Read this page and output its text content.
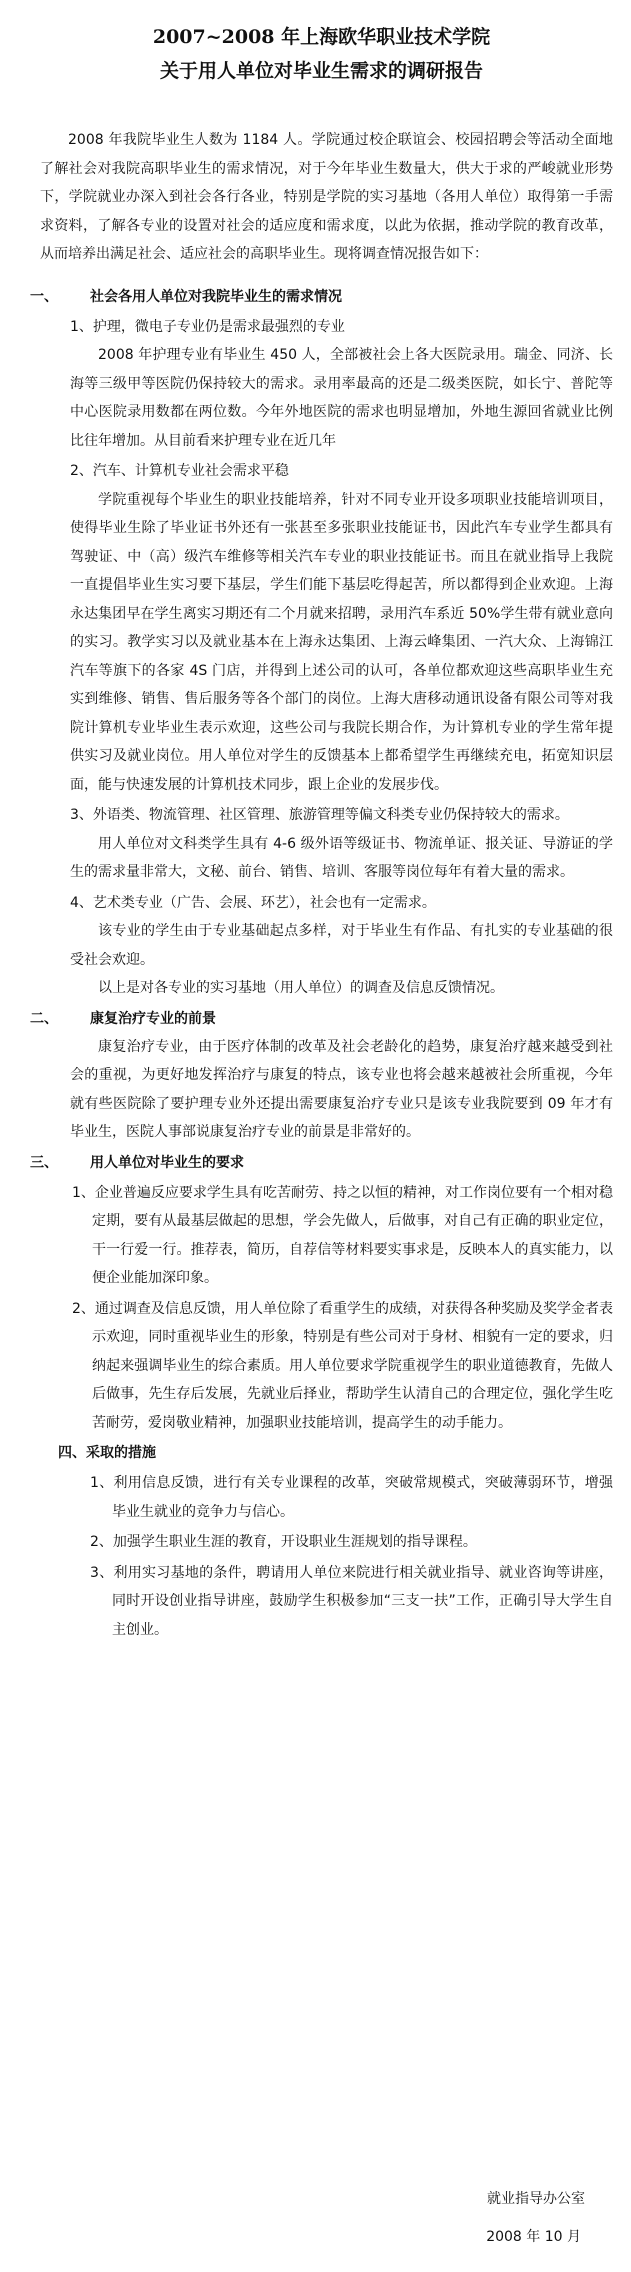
2007~2008 年上海欧华职业技术学院
关于用人单位对毕业生需求的调研报告

2008 年我院毕业生人数为 1184 人。学院通过校企联谊会、校园招聘会等活动全面地了解社会对我院高职毕业生的需求情况，对于今年毕业生数量大，供大于求的严峻就业形势下，学院就业办深入到社会各行各业，特别是学院的实习基地（各用人单位）取得第一手需求资料，了解各专业的设置对社会的适应度和需求度，以此为依据，推动学院的教育改革，从而培养出满足社会、适应社会的高职毕业生。现将调查情况报告如下：

一、 社会各用人单位对我院毕业生的需求情况

1、护理，微电子专业仍是需求最强烈的专业

2008 年护理专业有毕业生 450 人，全部被社会上各大医院录用。瑞金、同济、长海等三级甲等医院仍保持较大的需求。录用率最高的还是二级类医院，如长宁、普陀等中心医院录用数都在两位数。今年外地医院的需求也明显增加，外地生源回省就业比例比往年增加。从目前看来护理专业在近几年

2、汽车、计算机专业社会需求平稳

学院重视每个毕业生的职业技能培养，针对不同专业开设多项职业技能培训项目，使得毕业生除了毕业证书外还有一张甚至多张职业技能证书，因此汽车专业学生都具有驾驶证、中（高）级汽车维修等相关汽车专业的职业技能证书。而且在就业指导上我院一直提倡毕业生实习要下基层，学生们能下基层吃得起苦，所以都得到企业欢迎。上海永达集团早在学生离实习期还有二个月就来招聘，录用汽车系近 50%学生带有就业意向的实习。教学实习以及就业基本在上海永达集团、上海云峰集团、一汽大众、上海锦江汽车等旗下的各家 4S 门店，并得到上述公司的认可，各单位都欢迎这些高职毕业生充实到维修、销售、售后服务等各个部门的岗位。上海大唐移动通讯设备有限公司等对我院计算机专业毕业生表示欢迎，这些公司与我院长期合作，为计算机专业的学生常年提供实习及就业岗位。用人单位对学生的反馈基本上都希望学生再继续充电，拓宽知识层面，能与快速发展的计算机技术同步，跟上企业的发展步伐。

3、外语类、物流管理、社区管理、旅游管理等偏文科类专业仍保持较大的需求。

用人单位对文科类学生具有 4-6 级外语等级证书、物流单证、报关证、导游证的学生的需求量非常大，文秘、前台、销售、培训、客服等岗位每年有着大量的需求。

4、艺术类专业（广告、会展、环艺），社会也有一定需求。

该专业的学生由于专业基础起点多样，对于毕业生有作品、有扎实的专业基础的很受社会欢迎。

以上是对各专业的实习基地（用人单位）的调查及信息反馈情况。

二、 康复治疗专业的前景

康复治疗专业，由于医疗体制的改革及社会老龄化的趋势，康复治疗越来越受到社会的重视，为更好地发挥治疗与康复的特点，该专业也将会越来越被社会所重视，今年就有些医院除了要护理专业外还提出需要康复治疗专业只是该专业我院要到 09 年才有毕业生，医院人事部说康复治疗专业的前景是非常好的。

三、 用人单位对毕业生的要求

1、企业普遍反应要求学生具有吃苦耐劳、持之以恒的精神，对工作岗位要有一个相对稳定期，要有从最基层做起的思想，学会先做人，后做事，对自己有正确的职业定位，干一行爱一行。推荐表，简历，自荐信等材料要实事求是，反映本人的真实能力，以便企业能加深印象。

2、通过调查及信息反馈，用人单位除了看重学生的成绩，对获得各种奖励及奖学金者表示欢迎，同时重视毕业生的形象，特别是有些公司对于身材、相貌有一定的要求，归纳起来强调毕业生的综合素质。用人单位要求学院重视学生的职业道德教育，先做人后做事，先生存后发展，先就业后择业，帮助学生认清自己的合理定位，强化学生吃苦耐劳，爱岗敬业精神，加强职业技能培训，提高学生的动手能力。

四、采取的措施

1、利用信息反馈，进行有关专业课程的改革，突破常规模式，突破薄弱环节，增强毕业生就业的竞争力与信心。

2、加强学生职业生涯的教育，开设职业生涯规划的指导课程。

3、利用实习基地的条件，聘请用人单位来院进行相关就业指导、就业咨询等讲座，同时开设创业指导讲座，鼓励学生积极参加“三支一扶”工作，正确引导大学生自主创业。

就业指导办公室
2008 年 10 月
